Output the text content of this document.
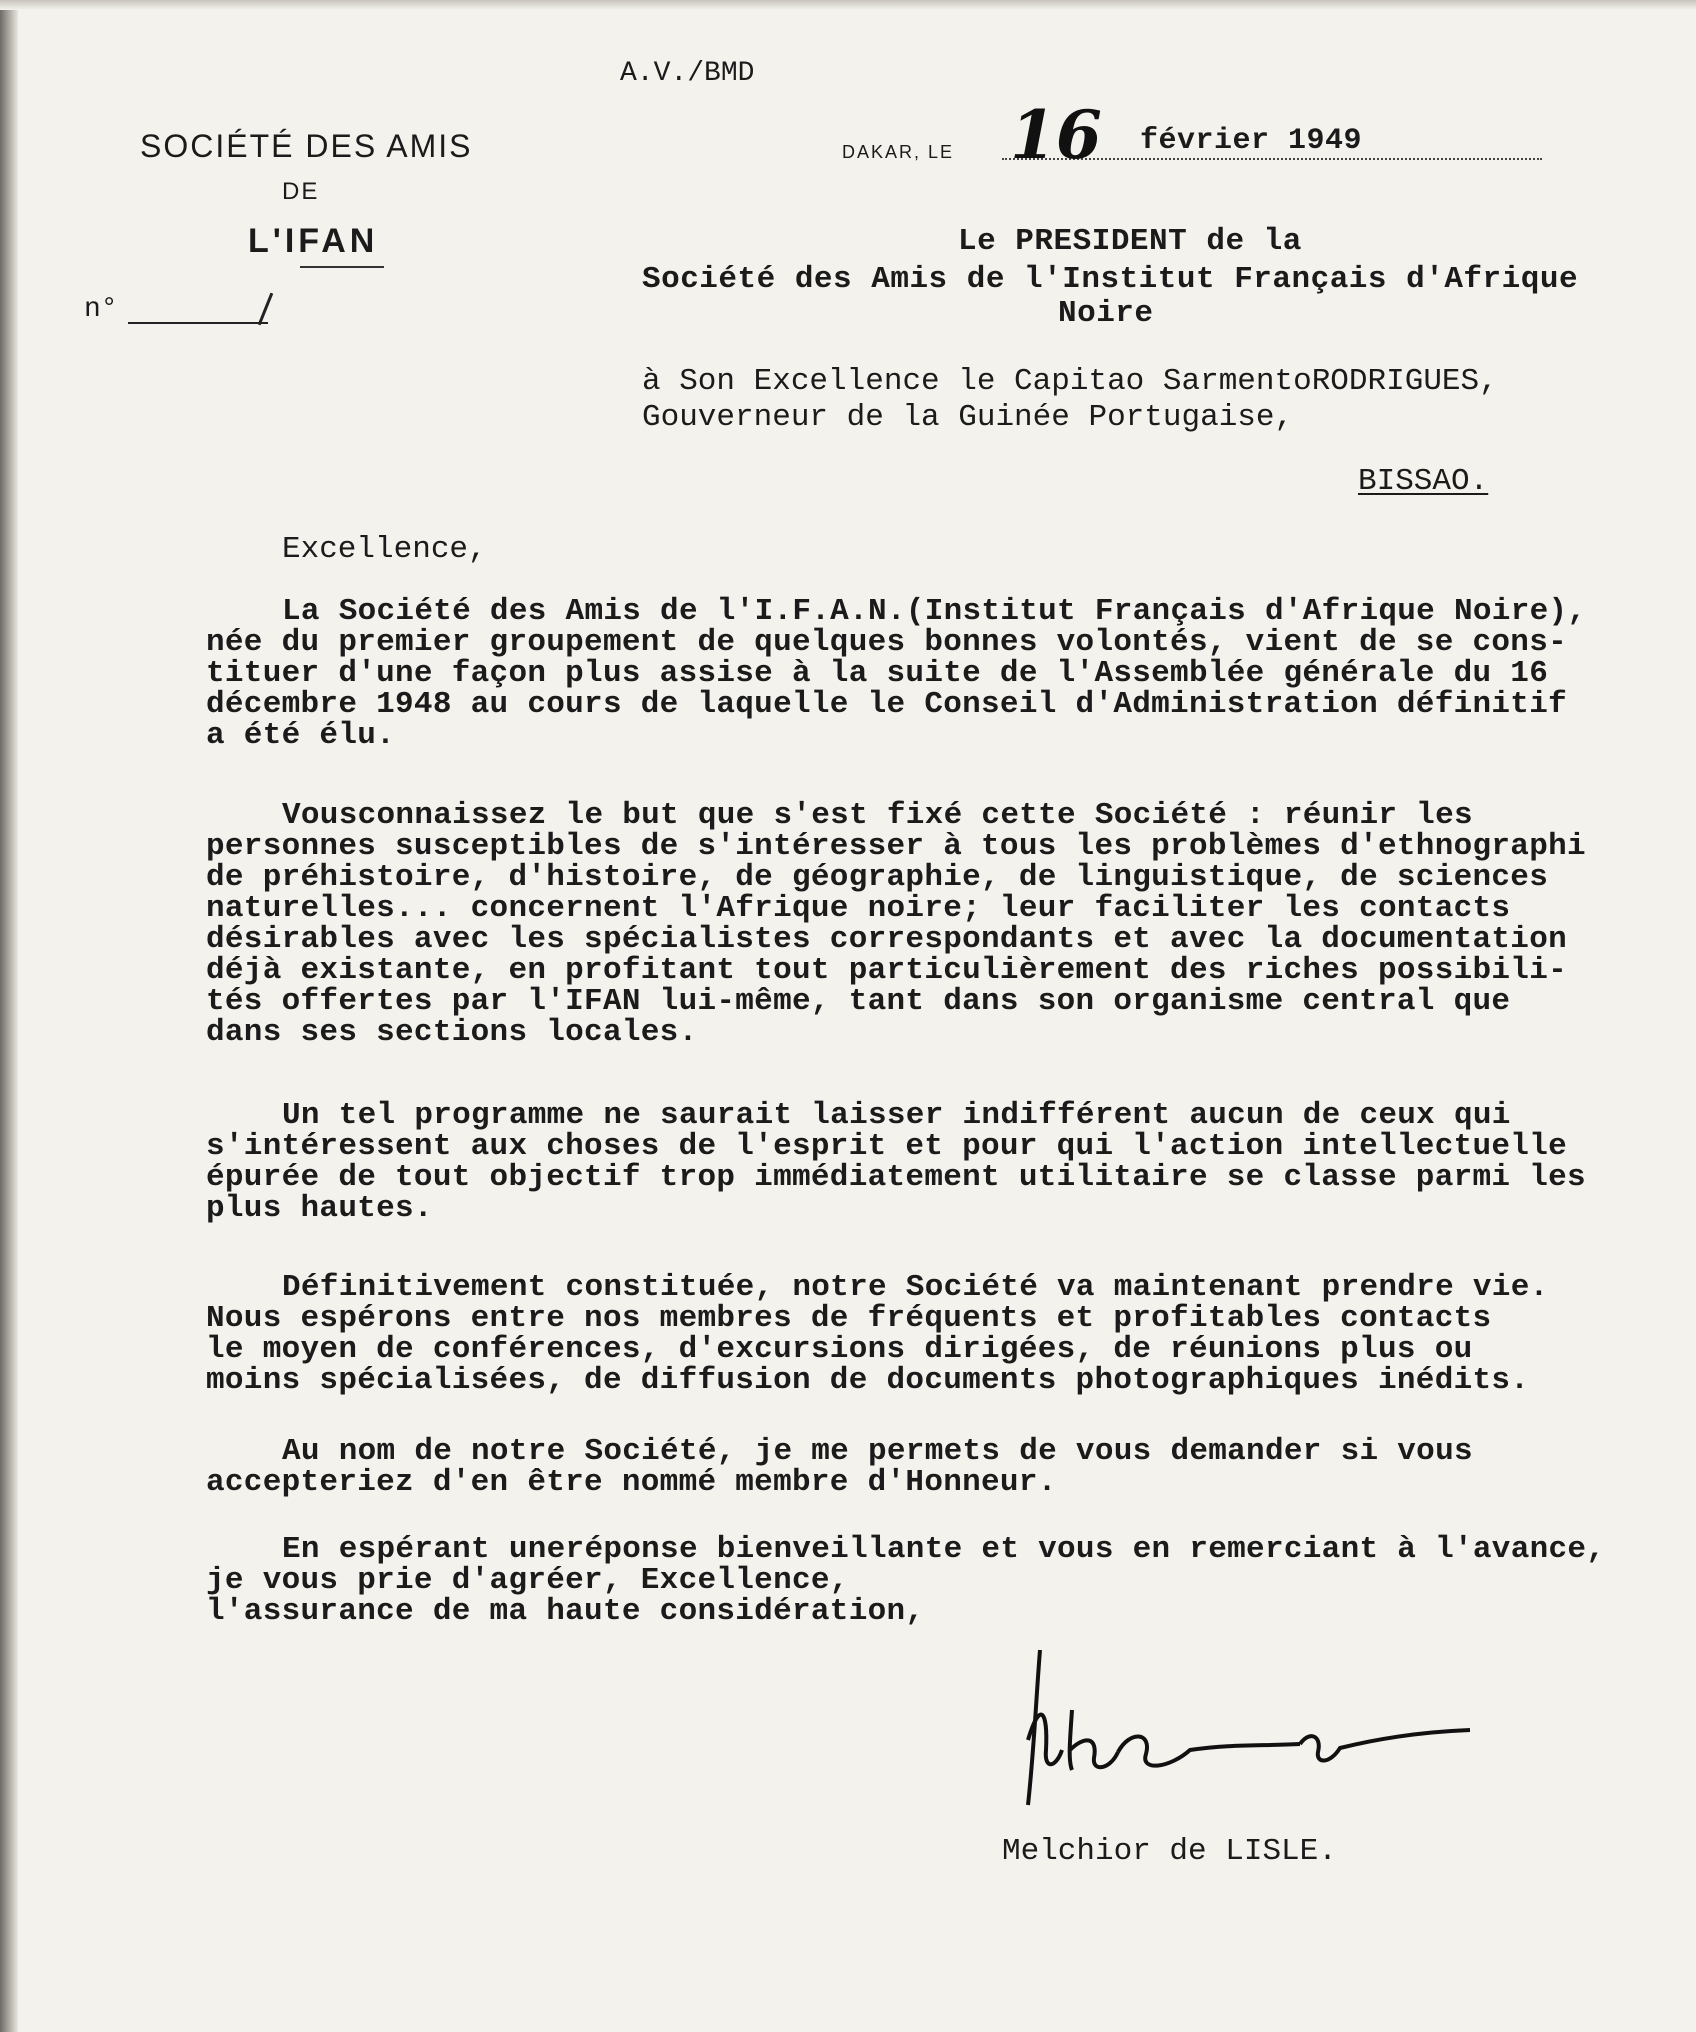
A.V./BMD
SOCIÉTÉ DES AMIS
DE
L'IFAN
n°
DAKAR, LE 16 février 1949
Le PRESIDENT de la
Société des Amis de l'Institut Français d'Afrique
Noire
à Son Excellence le Capitao SarmentoRODRIGUES,
Gouverneur de la Guinée Portugaise,
BISSAO.
Excellence,
La Société des Amis de l'I.F.A.N.(Institut Français d'Afrique Noire),
née du premier groupement de quelques bonnes volontés, vient de se cons-
tituer d'une façon plus assise à la suite de l'Assemblée générale du 16
décembre 1948 au cours de laquelle le Conseil d'Administration définitif
a été élu.
Vousconnaissez le but que s'est fixé cette Société : réunir les
personnes susceptibles de s'intéresser à tous les problèmes d'ethnographi
de préhistoire, d'histoire, de géographie, de linguistique, de sciences
naturelles... concernent l'Afrique noire; leur faciliter les contacts
désirables avec les spécialistes correspondants et avec la documentation
déjà existante, en profitant tout particulièrement des riches possibili-
tés offertes par l'IFAN lui-même, tant dans son organisme central que
dans ses sections locales.
Un tel programme ne saurait laisser indifférent aucun de ceux qui
s'intéressent aux choses de l'esprit et pour qui l'action intellectuelle
épurée de tout objectif trop immédiatement utilitaire se classe parmi les
plus hautes.
Définitivement constituée, notre Société va maintenant prendre vie.
Nous espérons entre nos membres de fréquents et profitables contacts
le moyen de conférences, d'excursions dirigées, de réunions plus ou
moins spécialisées, de diffusion de documents photographiques inédits.
Au nom de notre Société, je me permets de vous demander si vous
accepteriez d'en être nommé membre d'Honneur.
En espérant uneréponse bienveillante et vous en remerciant à l'avance,
je vous prie d'agréer, Excellence,
l'assurance de ma haute considération,
Melchior de LISLE.
